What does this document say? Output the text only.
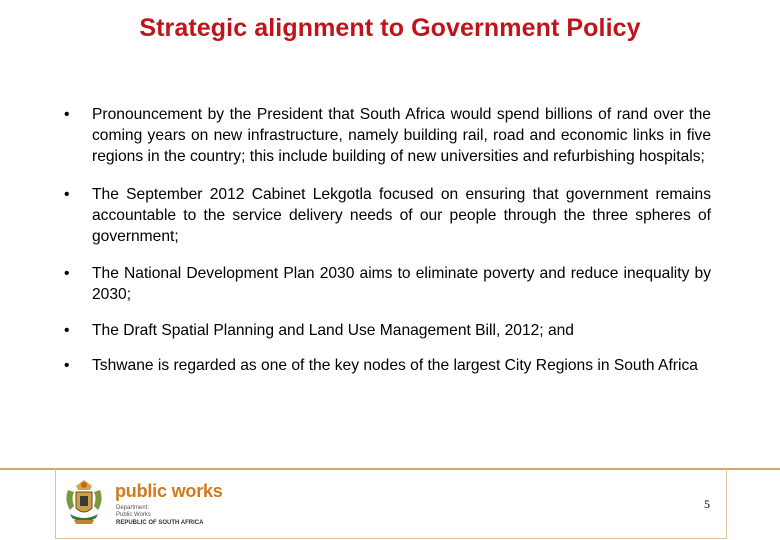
Strategic alignment to Government Policy
• Pronouncement by the President that South Africa would spend billions of rand over the coming years on new infrastructure, namely building rail, road and economic links in five regions in the country; this include building of new universities and refurbishing hospitals;
• The September 2012 Cabinet Lekgotla focused on ensuring that government remains accountable to the service delivery needs of our people through the three spheres of government;
• The National Development Plan 2030 aims to eliminate poverty and reduce inequality by 2030;
• The Draft Spatial Planning and Land Use Management Bill, 2012; and
• Tshwane is regarded as one of the key nodes of the largest City Regions in South Africa
public works
Department:
Public Works
REPUBLIC OF SOUTH AFRICA
5
